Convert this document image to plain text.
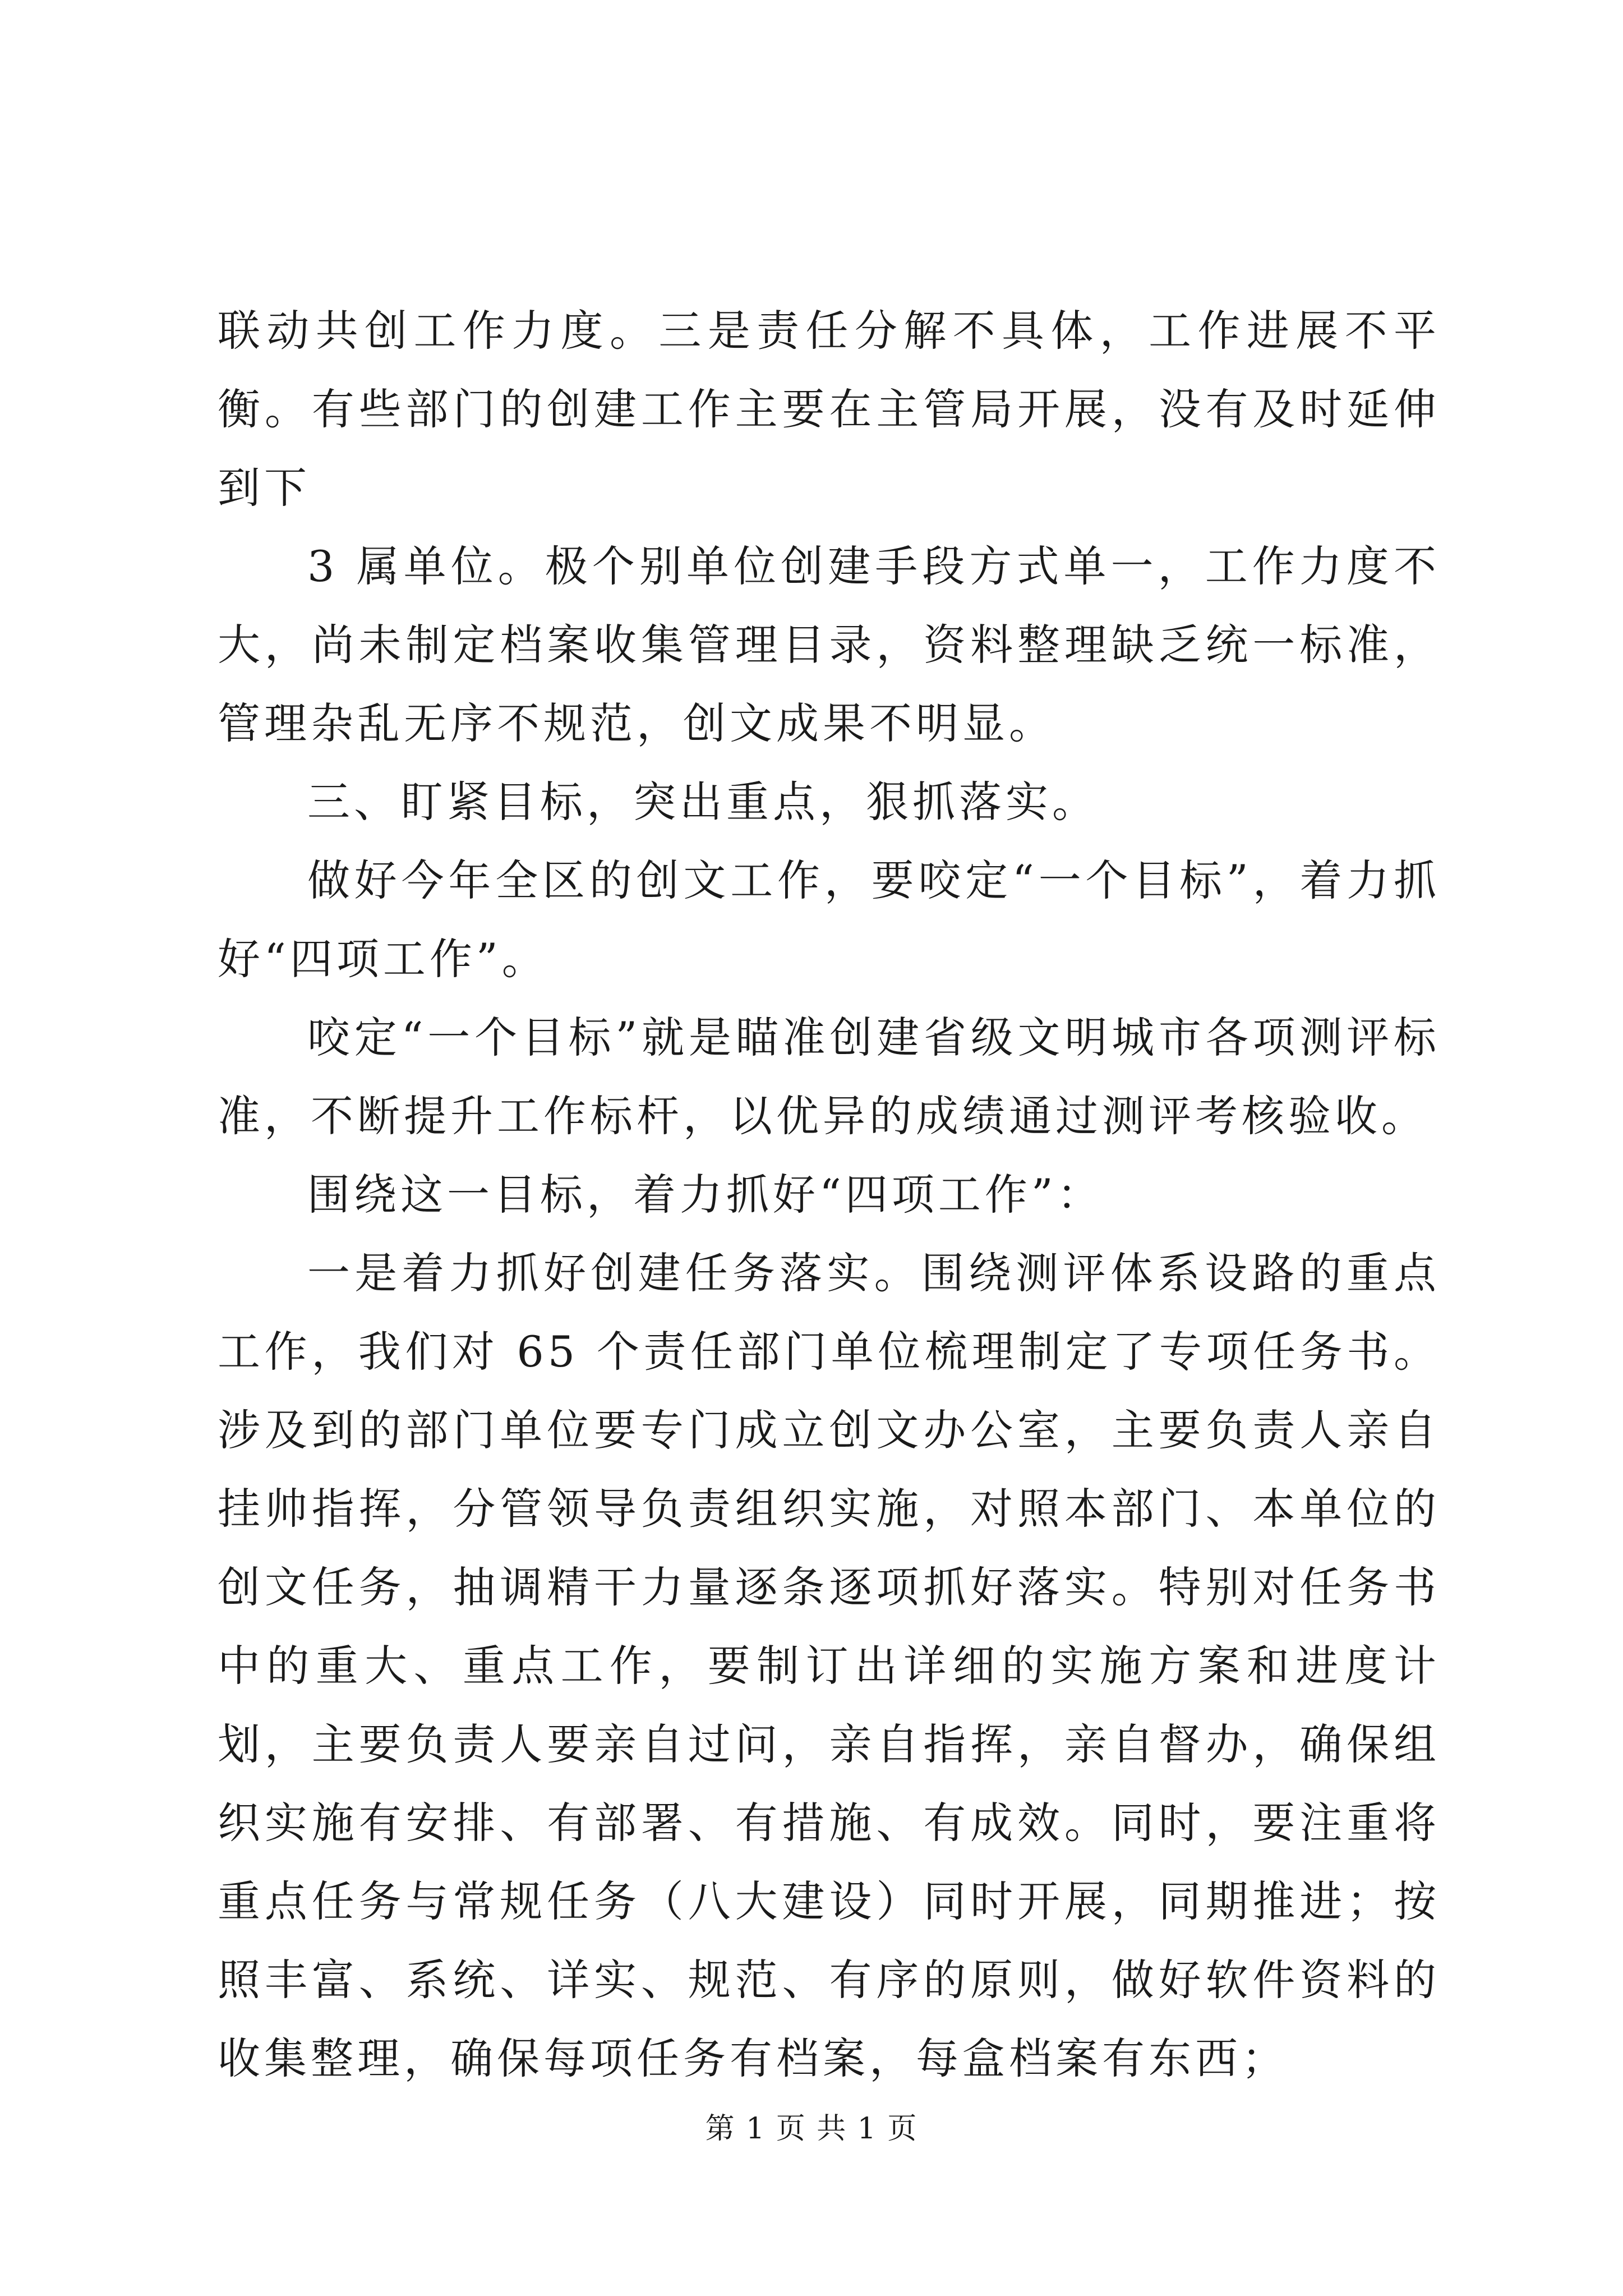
联动共创工作力度。三是责任分解不具体，工作进展不平衡。有些部门的创建工作主要在主管局开展，没有及时延伸到下

3 属单位。极个别单位创建手段方式单一，工作力度不大，尚未制定档案收集管理目录，资料整理缺乏统一标准，管理杂乱无序不规范，创文成果不明显。

三、盯紧目标，突出重点，狠抓落实。

做好今年全区的创文工作，要咬定“一个目标”，着力抓好“四项工作”。

咬定“一个目标”就是瞄准创建省级文明城市各项测评标准，不断提升工作标杆，以优异的成绩通过测评考核验收。

围绕这一目标，着力抓好“四项工作”：

一是着力抓好创建任务落实。围绕测评体系设路的重点工作，我们对 65 个责任部门单位梳理制定了专项任务书。涉及到的部门单位要专门成立创文办公室，主要负责人亲自挂帅指挥，分管领导负责组织实施，对照本部门、本单位的创文任务，抽调精干力量逐条逐项抓好落实。特别对任务书中的重大、重点工作，要制订出详细的实施方案和进度计划，主要负责人要亲自过问，亲自指挥，亲自督办，确保组织实施有安排、有部署、有措施、有成效。同时，要注重将重点任务与常规任务（八大建设）同时开展，同期推进；按照丰富、系统、详实、规范、有序的原则，做好软件资料的收集整理，确保每项任务有档案，每盒档案有东西；

第 1 页 共 1 页
